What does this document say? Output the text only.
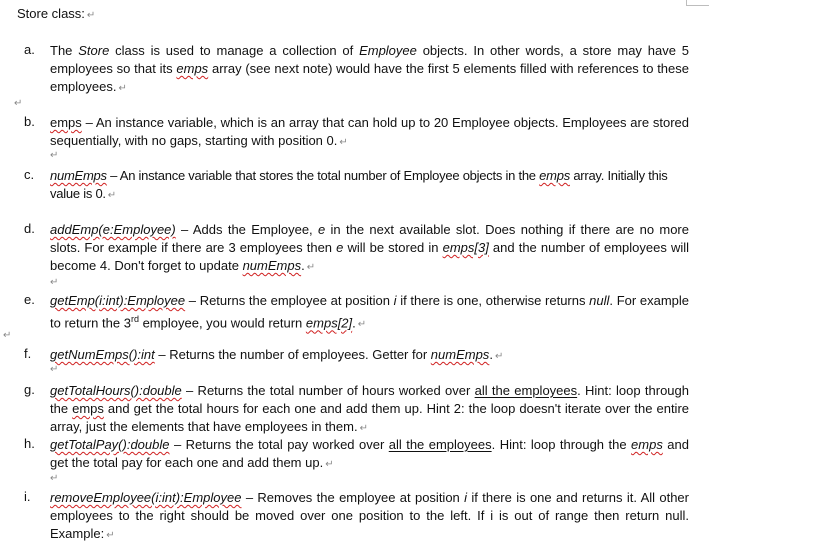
Store class: ↵
a.	The Store class is used to manage a collection of Employee objects. In other words, a store may have 5 employees so that its emps array (see next note) would have the first 5 elements filled with references to these employees. ↵
↵
b.	emps – An instance variable, which is an array that can hold up to 20 Employee objects. Employees are stored sequentially, with no gaps, starting with position 0. ↵
↵
c.	numEmps – An instance variable that stores the total number of Employee objects in the emps array. Initially this value is 0. ↵
d.	addEmp(e:Employee) – Adds the Employee, e in the next available slot. Does nothing if there are no more slots. For example if there are 3 employees then e will be stored in emps[3] and the number of employees will become 4. Don't forget to update numEmps. ↵
↵
e.	getEmp(i:int):Employee – Returns the employee at position i if there is one, otherwise returns null. For example to return the 3rd employee, you would return emps[2]. ↵
↵
f.	getNumEmps():int – Returns the number of employees. Getter for numEmps. ↵
↵
g.	getTotalHours():double – Returns the total number of hours worked over all the employees. Hint: loop through the emps and get the total hours for each one and add them up. Hint 2: the loop doesn't iterate over the entire array, just the elements that have employees in them. ↵
h.	getTotalPay():double – Returns the total pay worked over all the employees. Hint: loop through the emps and get the total pay for each one and add them up. ↵
↵
i.	removeEmployee(i:int):Employee – Removes the employee at position i if there is one and returns it. All other employees to the right should be moved over one position to the left. If i is out of range then return null. Example: ↵
